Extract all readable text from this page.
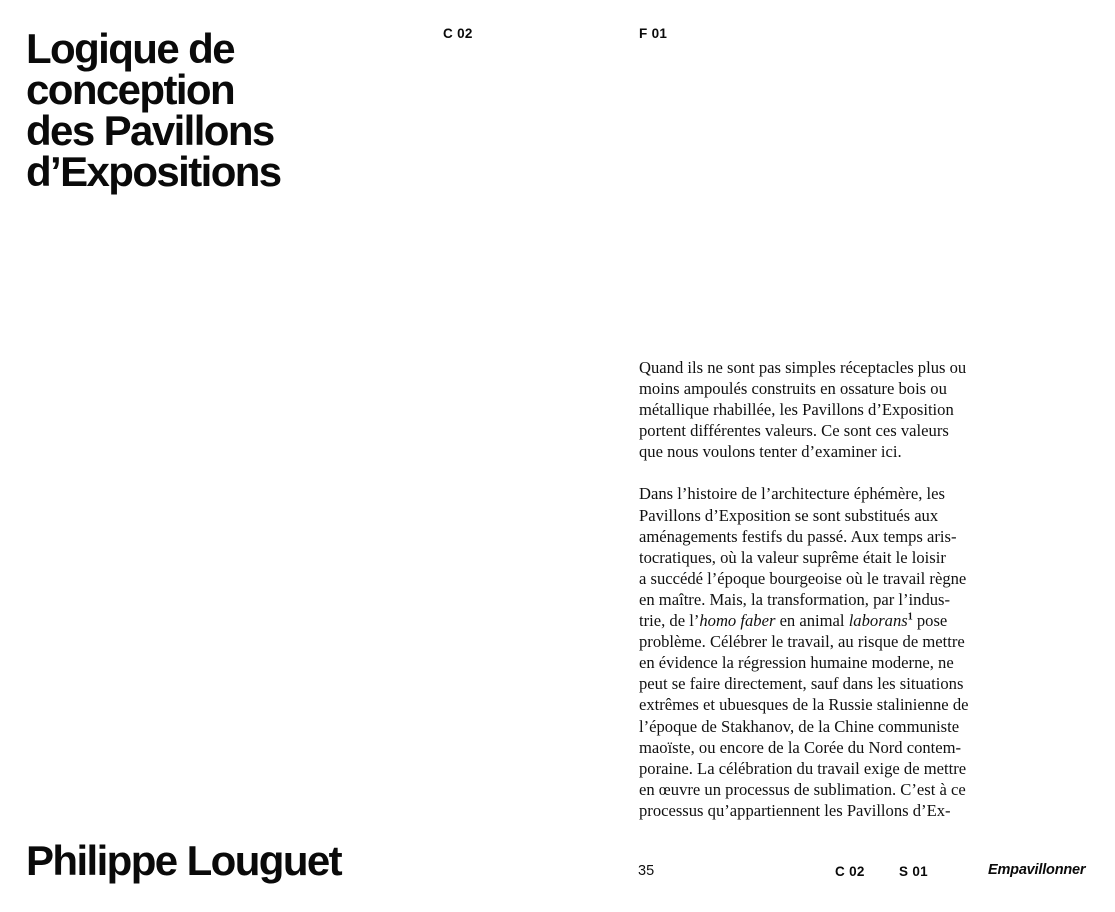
Logique de
conception
des Pavillons
d’Expositions
C 02	F 01

Quand ils ne sont pas simples réceptacles plus ou
moins ampoulés construits en ossature bois ou
métallique rhabillée, les Pavillons d’Exposition
portent différentes valeurs. Ce sont ces valeurs
que nous voulons tenter d’examiner ici.

Dans l’histoire de l’architecture éphémère, les
Pavillons d’Exposition se sont substitués aux
aménagements festifs du passé. Aux temps aris-
tocratiques, où la valeur suprême était le loisir
a succédé l’époque bourgeoise où le travail règne
en maître. Mais, la transformation, par l’indus-
trie, de l’homo faber en animal laborans$^1$ pose
problème. Célébrer le travail, au risque de mettre
en évidence la régression humaine moderne, ne
peut se faire directement, sauf dans les situations
extrêmes et ubuesques de la Russie stalinienne de
l’époque de Stakhanov, de la Chine communiste
maoïste, ou encore de la Corée du Nord contem-
poraine. La célébration du travail exige de mettre
en œuvre un processus de sublimation. C’est à ce
processus qu’appartiennent les Pavillons d’Ex-

Philippe Louguet	35	C 02	S 01	Empavillonner
